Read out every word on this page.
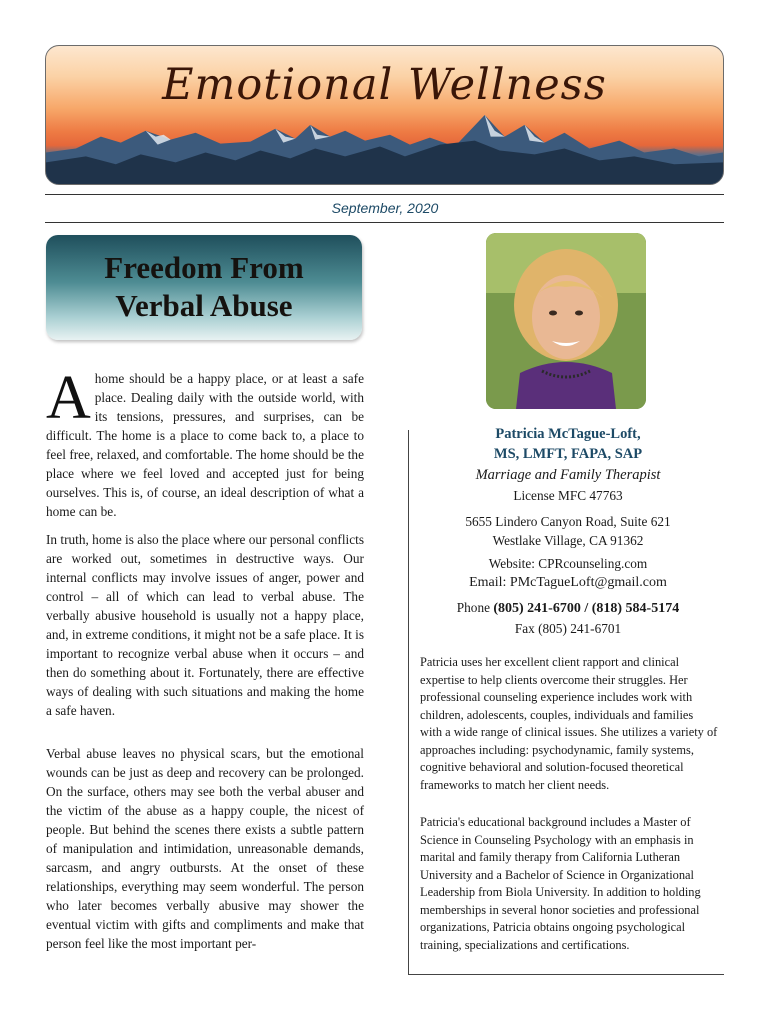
Emotional Wellness
September, 2020
Freedom From
Verbal Abuse
A home should be a happy place, or at least a safe place. Dealing daily with the outside world, with its tensions, pressures, and surprises, can be difficult. The home is a place to come back to, a place to feel free, relaxed, and comfortable. The home should be the place where we feel loved and accepted just for being ourselves. This is, of course, an ideal description of what a home can be.

In truth, home is also the place where our personal conflicts are worked out, sometimes in destructive ways. Our internal conflicts may involve issues of anger, power and control – all of which can lead to verbal abuse. The verbally abusive household is usually not a happy place, and, in extreme conditions, it might not be a safe place. It is important to recognize verbal abuse when it occurs – and then do something about it. Fortunately, there are effective ways of dealing with such situations and making the home a safe haven.

Verbal abuse leaves no physical scars, but the emotional wounds can be just as deep and recovery can be prolonged. On the surface, others may see both the verbal abuser and the victim of the abuse as a happy couple, the nicest of people. But behind the scenes there exists a subtle pattern of manipulation and intimidation, unreasonable demands, sarcasm, and angry outbursts. At the onset of these relationships, everything may seem wonderful. The person who later becomes verbally abusive may shower the eventual victim with gifts and compliments and make that person feel like the most important per-

Patricia McTague-Loft,
MS, LMFT, FAPA, SAP
Marriage and Family Therapist
License MFC 47763
5655 Lindero Canyon Road, Suite 621
Westlake Village, CA 91362
Website: CPRcounseling.com
Email: PMcTagueLoft@gmail.com
Phone (805) 241-6700 / (818) 584-5174
Fax (805) 241-6701

Patricia uses her excellent client rapport and clinical expertise to help clients overcome their struggles. Her professional counseling experience includes work with children, adolescents, couples, individuals and families with a wide range of clinical issues. She utilizes a variety of approaches including: psychodynamic, family systems, cognitive behavioral and solution-focused theoretical frameworks to match her client needs.

Patricia's educational background includes a Master of Science in Counseling Psychology with an emphasis in marital and family therapy from California Lutheran University and a Bachelor of Science in Organizational Leadership from Biola University. In addition to holding memberships in several honor societies and professional organizations, Patricia obtains ongoing psychological training, specializations and certifications.
